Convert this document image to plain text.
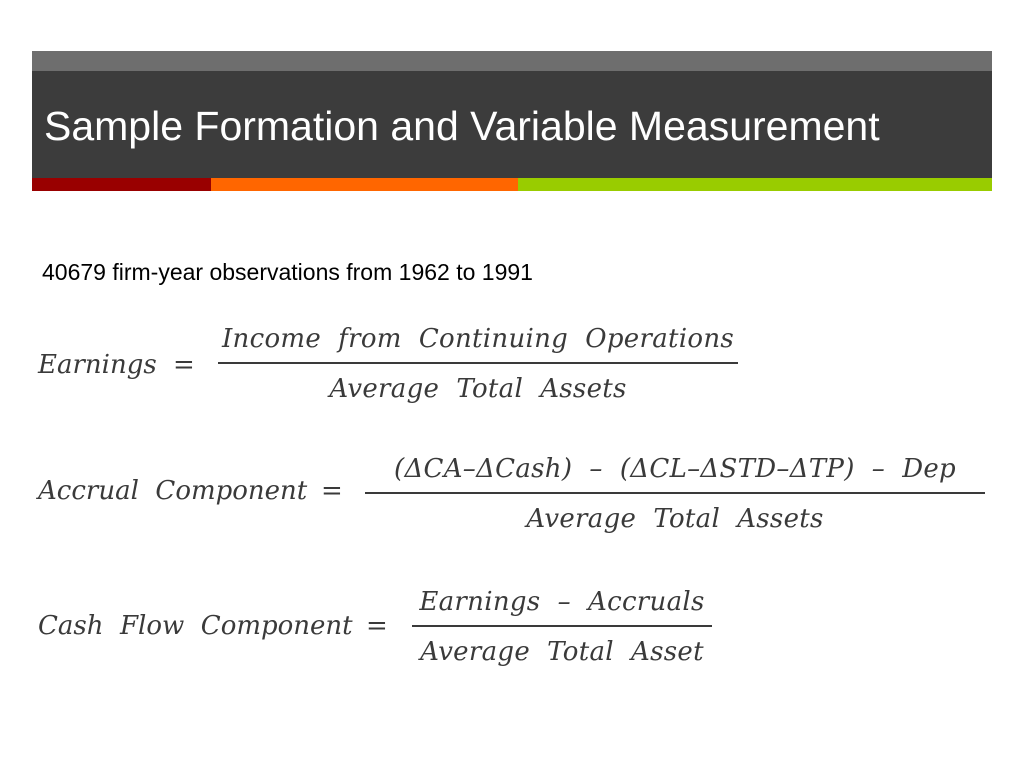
Sample Formation and Variable Measurement

40679 firm-year observations from 1962 to 1991

Earnings =
Income  from  Continuing  Operations
Average  Total  Assets
Accrual  Component =
(ΔCA–ΔCash)  –  (ΔCL–ΔSTD–ΔTP)  –  Dep
Average  Total  Assets
Cash  Flow  Component =
Earnings  –  Accruals
Average  Total  Asset
